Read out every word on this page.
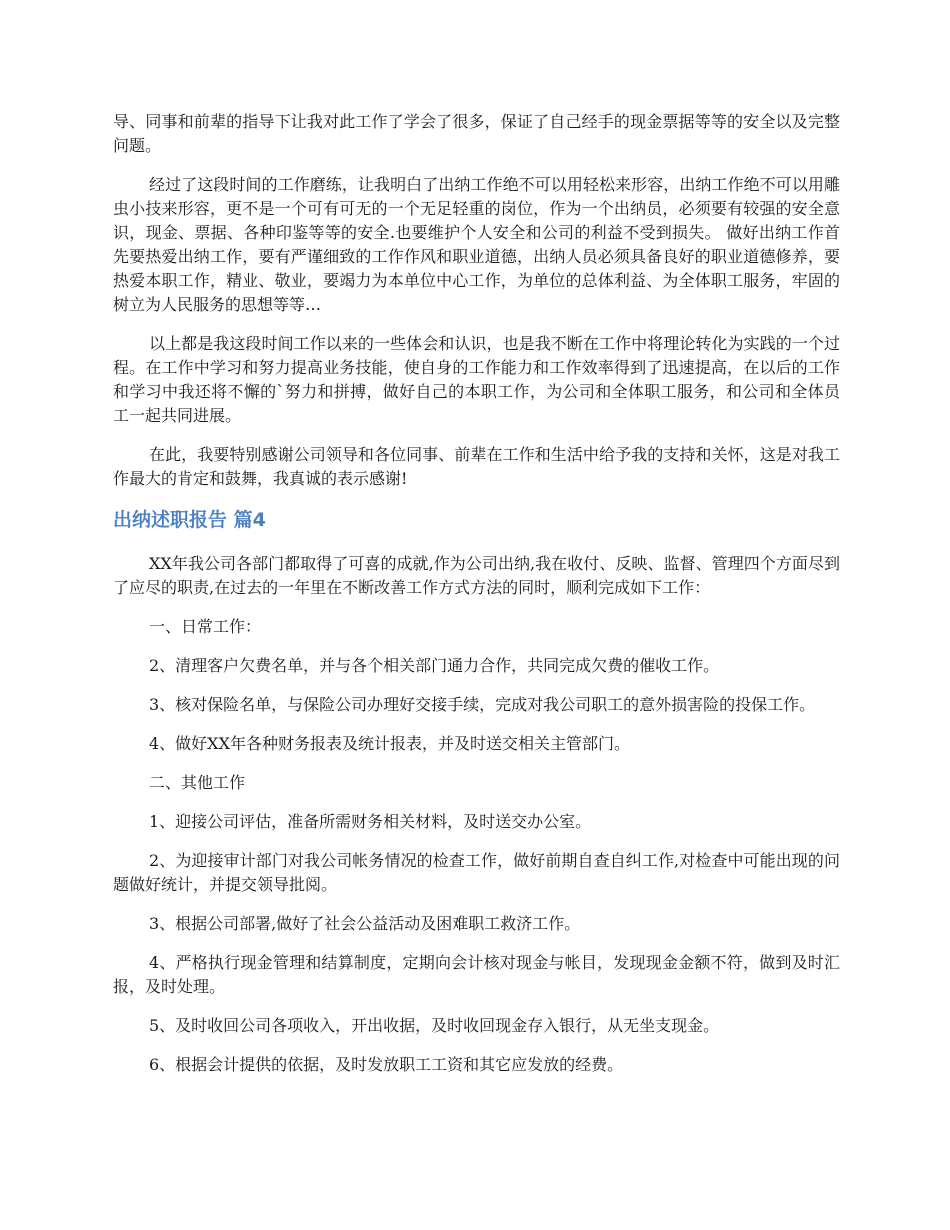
导、同事和前辈的指导下让我对此工作了学会了很多，保证了自己经手的现金票据等等的安全以及完整问题。

经过了这段时间的工作磨练，让我明白了出纳工作绝不可以用轻松来形容，出纳工作绝不可以用雕虫小技来形容，更不是一个可有可无的一个无足轻重的岗位，作为一个出纳员，必须要有较强的安全意识，现金、票据、各种印鉴等等的安全.也要维护个人安全和公司的利益不受到损失。 做好出纳工作首先要热爱出纳工作，要有严谨细致的工作作风和职业道德，出纳人员必须具备良好的职业道德修养，要热爱本职工作，精业、敬业，要竭力为本单位中心工作，为单位的总体利益、为全体职工服务，牢固的树立为人民服务的思想等等…

以上都是我这段时间工作以来的一些体会和认识，也是我不断在工作中将理论转化为实践的一个过程。在工作中学习和努力提高业务技能，使自身的工作能力和工作效率得到了迅速提高，在以后的工作和学习中我还将不懈的`努力和拼搏，做好自己的本职工作，为公司和全体职工服务，和公司和全体员工一起共同进展。

在此，我要特别感谢公司领导和各位同事、前辈在工作和生活中给予我的支持和关怀，这是对我工作最大的肯定和鼓舞，我真诚的表示感谢!

出纳述职报告 篇4

XX年我公司各部门都取得了可喜的成就,作为公司出纳,我在收付、反映、监督、管理四个方面尽到了应尽的职责,在过去的一年里在不断改善工作方式方法的同时，顺利完成如下工作：

一、日常工作：

2、清理客户欠费名单，并与各个相关部门通力合作，共同完成欠费的催收工作。

3、核对保险名单，与保险公司办理好交接手续，完成对我公司职工的意外损害险的投保工作。

4、做好XX年各种财务报表及统计报表，并及时送交相关主管部门。

二、其他工作

1、迎接公司评估，准备所需财务相关材料，及时送交办公室。

2、为迎接审计部门对我公司帐务情况的检查工作，做好前期自查自纠工作,对检查中可能出现的问题做好统计，并提交领导批阅。

3、根据公司部署,做好了社会公益活动及困难职工救济工作。

4、严格执行现金管理和结算制度，定期向会计核对现金与帐目，发现现金金额不符，做到及时汇报，及时处理。

5、及时收回公司各项收入，开出收据，及时收回现金存入银行，从无坐支现金。

6、根据会计提供的依据，及时发放职工工资和其它应发放的经费。
